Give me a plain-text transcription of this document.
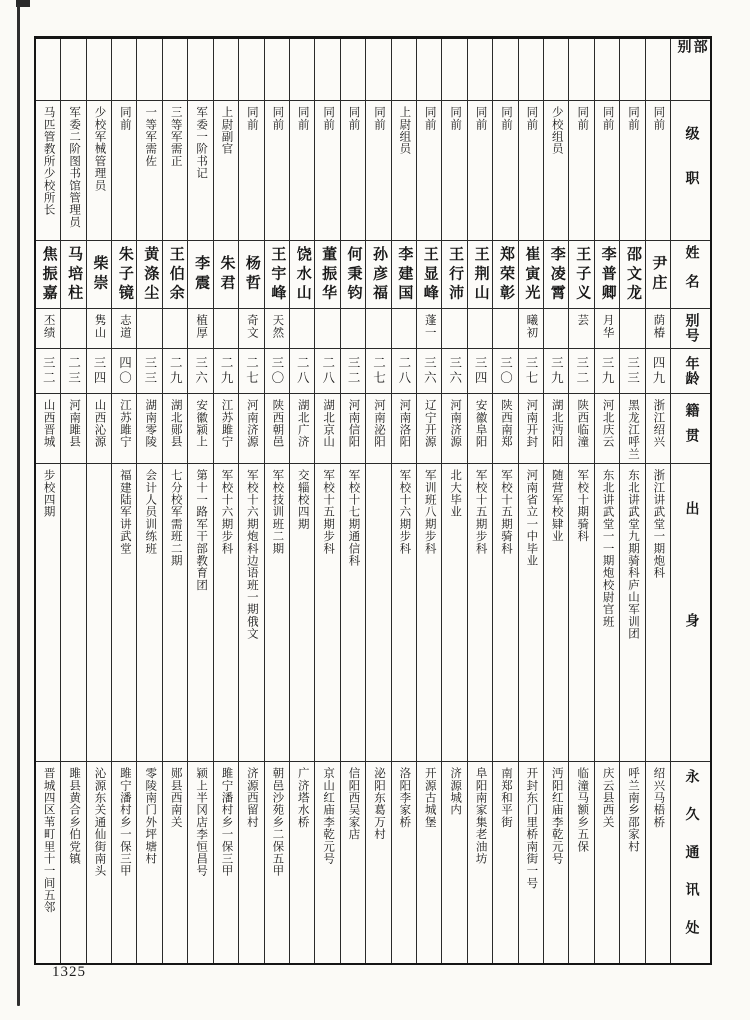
部别
级职
姓名
别号
年龄
籍贯
出身
永久通讯处
同前
尹庄
荫椿
四九
浙江绍兴
浙江讲武堂一期炮科
绍兴马梧桥
同前
邵文龙
三三
黑龙江呼兰
东北讲武堂九期骑科庐山军训团
呼兰南乡邵家村
同前
李普卿
月华
三九
河北庆云
东北讲武堂一一期炮校尉官班
庆云县西关
同前
王子义
芸
三二
陕西临潼
军校十期骑科
临潼马额乡五保
少校组员
李凌霄
三九
湖北沔阳
随营军校肄业
沔阳红庙李乾元号
同前
崔寅光
曦初
三七
河南开封
河南省立一中毕业
开封东门里桥南街一号
同前
郑荣彰
三〇
陕西南郑
军校十五期骑科
南郑和平街
同前
王荆山
三四
安徽阜阳
军校十五期步科
阜阳南家集老油坊
同前
王行沛
三六
河南济源
北大毕业
济源城内
同前
王显峰
蓬一
三六
辽宁开源
军训班八期步科
开源古城堡
上尉组员
李建国
二八
河南洛阳
军校十六期步科
洛阳李家桥
同前
孙彦福
二七
河南泌阳
泌阳东葛万村
同前
何秉钧
三二
河南信阳
军校十七期通信科
信阳西吴家店
同前
董振华
二八
湖北京山
军校十五期步科
京山红庙李乾元号
同前
饶水山
二八
湖北广济
交辎校四期
广济塔水桥
同前
王宇峰
天然
三〇
陕西朝邑
军校技训班二期
朝邑沙苑乡二保五甲
同前
杨哲
奇文
二七
河南济源
军校十六期炮科边语班一期俄文
济源西留村
上尉副官
朱君
二九
江苏雎宁
军校十六期步科
雎宁潘村乡一保三甲
军委一阶书记
李震
植厚
三六
安徽颍上
第十一路军干部教育团
颍上半冈店李恒昌号
三等军需正
王伯余
二九
湖北郧县
七分校军需班二期
郧县西南关
一等军需佐
黄涤尘
三三
湖南零陵
会计人员训练班
零陵南门外坪塘村
同前
朱子镜
志道
四〇
江苏雎宁
福建陆军讲武堂
雎宁潘村乡一保三甲
少校军械管理员
柴崇
隽山
三四
山西沁源
沁源东关通仙街南头
军委二阶图书馆管理员
马培柱
二三
河南雎县
雎县黄合乡伯党镇
马匹管教所少校所长
焦振嘉
丕绩
三二
山西晋城
步校四期
晋城四区苇町里十一间五邻
1325
